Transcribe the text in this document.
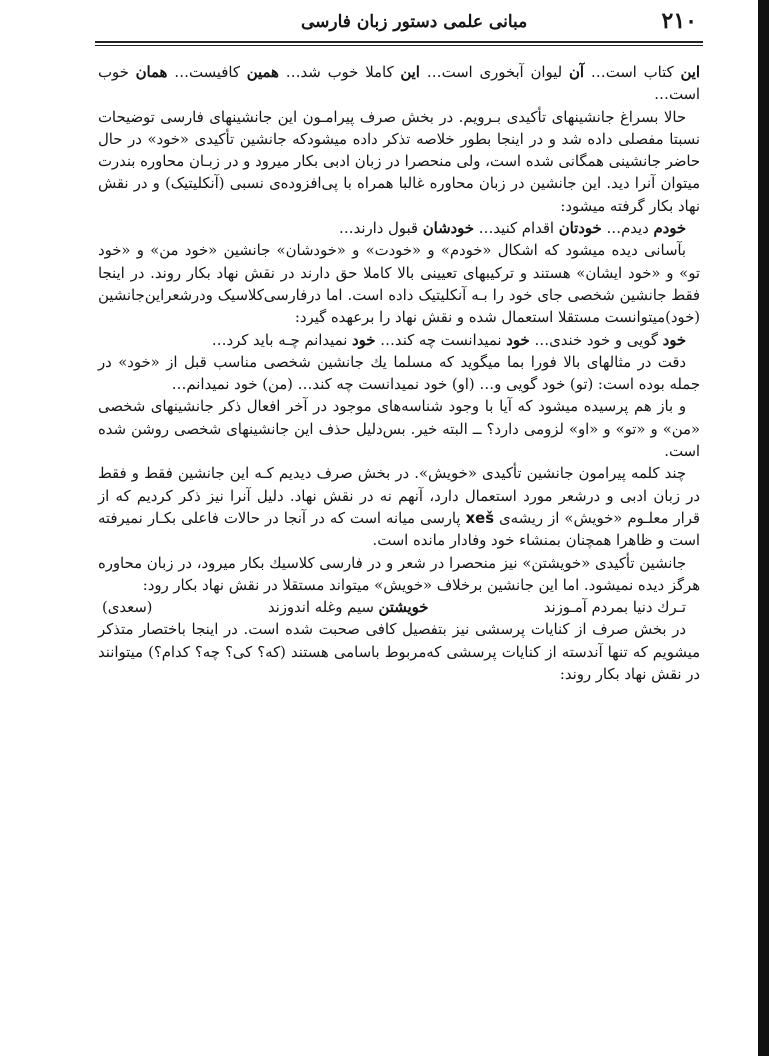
۲۱۰
مبانی علمی دستور زبان فارسی

این کتاب است… آن لیوان آبخوری است… این کاملا خوب شد… همین کافیست… همان خوب است…

حالا بسراغ جانشینهای تأکیدی بـرویم. در بخش صرف پیرامـون این جانشینهای فارسی توضیحات نسبتا مفصلی داده شد و در اینجا بطور خلاصه تذکر داده میشودکه جانشین تأکیدی «خود» در حال حاضر جانشینی همگانی شده است، ولی منحصرا در زبان ادبی بکار میرود و در زبـان محاوره بندرت میتوان آنرا دید. این جانشین در زبان محاوره غالبا همراه با پی‌افزوده‌ی نسبی (آنکلیتیک) و در نقش نهاد بکار گرفته میشود:

خودم دیدم… خودتان اقدام کنید… خودشان قبول دارند…

بآسانی دیده میشود که اشکال «خودم» و «خودت» و «خودشان» جانشین «خود من» و «خود تو» و «خود ایشان» هستند و ترکیبهای تعیینی بالا کاملا حق دارند در نقش نهاد بکار روند. در اینجا فقط جانشین شخصی جای خود را بـه آنکلیتیک داده است. اما درفارسی‌کلاسیک ودرشعراین‌جانشین (خود)میتوانست مستقلا استعمال شده و نقش نهاد را برعهده گیرد:

خود گویی و خود خندی… خود نمیدانست چه کند… خود نمیدانم چـه باید کرد…

دقت در مثالهای بالا فورا بما میگوید که مسلما یك جانشین شخصی مناسب قبل از «خود» در جمله بوده است: (تو) خود گویی و… (او) خود نمیدانست چه کند… (من) خود نمیدانم…

و باز هم پرسیده میشود که آیا با وجود شناسه‌های موجود در آخر افعال ذکر جانشینهای شخصی «من» و «تو» و «او» لزومی دارد؟ ــ البته خیر. بس‌دلیل حذف این جانشینهای شخصی روشن شده است.

چند کلمه پیرامون جانشین تأکیدی «خویش». در بخش صرف دیدیم کـه این جانشین فقط و فقط در زبان ادبی و درشعر مورد استعمال دارد، آنهم نه در نقش نهاد. دلیل آنرا نیز ذکر کردیم که از قرار معلـوم «خویش» از ریشه‌ی xeš پارسی میانه است که در آنجا در حالات فاعلی بکـار نمیرفته است و ظاهرا همچنان بمنشاء خود وفادار مانده است.

جانشین تأکیدی «خویشتن» نیز منحصرا در شعر و در فارسی کلاسیك بکار میرود، در زبان محاوره هرگز دیده نمیشود. اما این جانشین برخلاف «خویش» میتواند مستقلا در نقش نهاد بکار رود:

تـرك دنیا بمردم آمـوزند
خویشتن سیم وغله اندوزند
(سعدی)

در بخش صرف از کنایات پرسشی نیز بتفصیل کافی صحبت شده است. در اینجا باختصار متذکر میشویم که تنها آندسته از کنایات پرسشی که‌مربوط باسامی هستند (که؟ کی؟ چه؟ کدام؟) میتوانند در نقش نهاد بکار روند:
